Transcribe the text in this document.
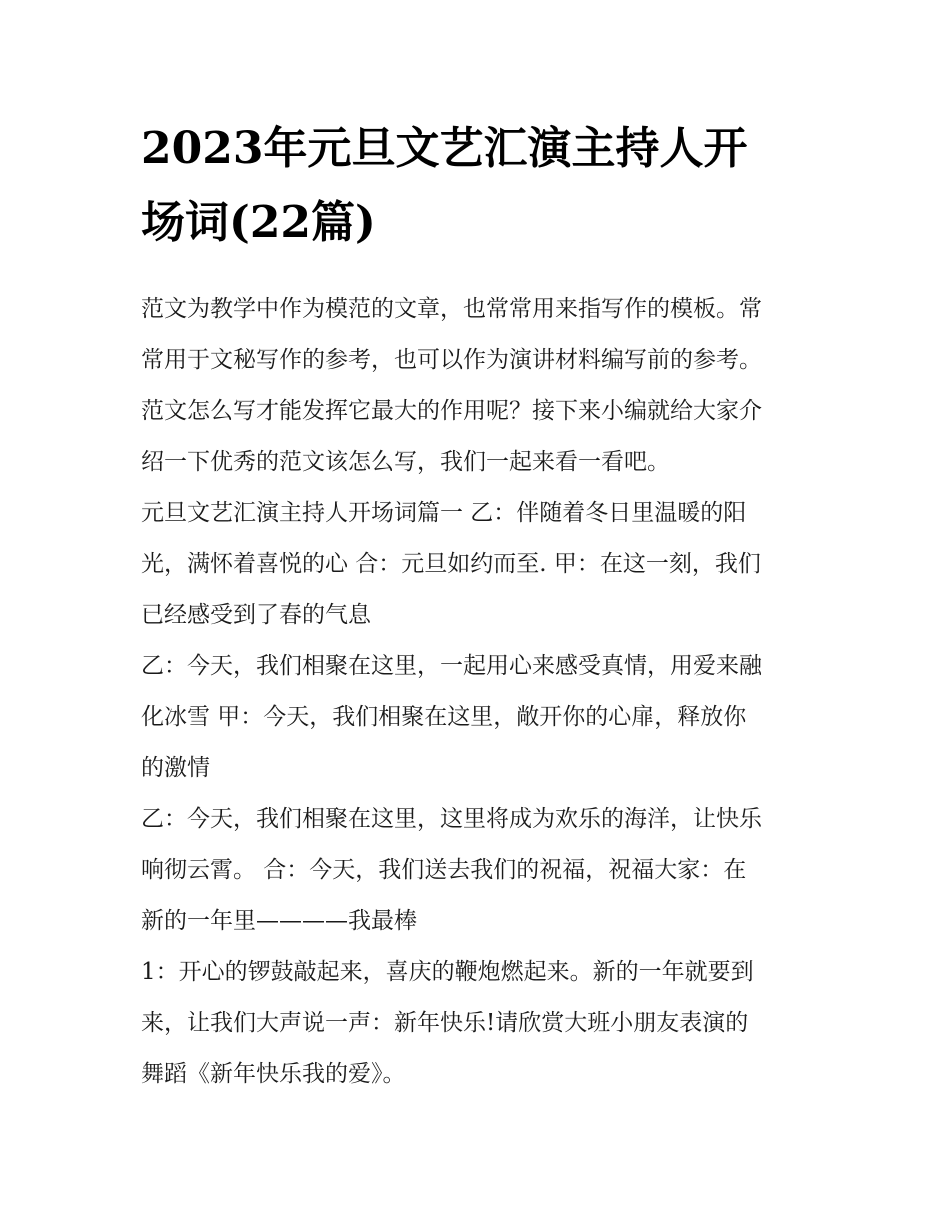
2023年元旦文艺汇演主持人开
场词(22篇)

范文为教学中作为模范的文章，也常常用来指写作的模板。常
常用于文秘写作的参考，也可以作为演讲材料编写前的参考。
范文怎么写才能发挥它最大的作用呢？接下来小编就给大家介
绍一下优秀的范文该怎么写，我们一起来看一看吧。

元旦文艺汇演主持人开场词篇一 乙：伴随着冬日里温暖的阳
光，满怀着喜悦的心 合：元旦如约而至. 甲：在这一刻，我们
已经感受到了春的气息

乙：今天，我们相聚在这里，一起用心来感受真情，用爱来融
化冰雪 甲：今天，我们相聚在这里，敞开你的心扉，释放你
的激情

乙：今天，我们相聚在这里，这里将成为欢乐的海洋，让快乐
响彻云霄。 合：今天，我们送去我们的祝福，祝福大家：在
新的一年里————我最棒

1：开心的锣鼓敲起来，喜庆的鞭炮燃起来。新的一年就要到
来，让我们大声说一声：新年快乐!请欣赏大班小朋友表演的
舞蹈《新年快乐我的爱》。
